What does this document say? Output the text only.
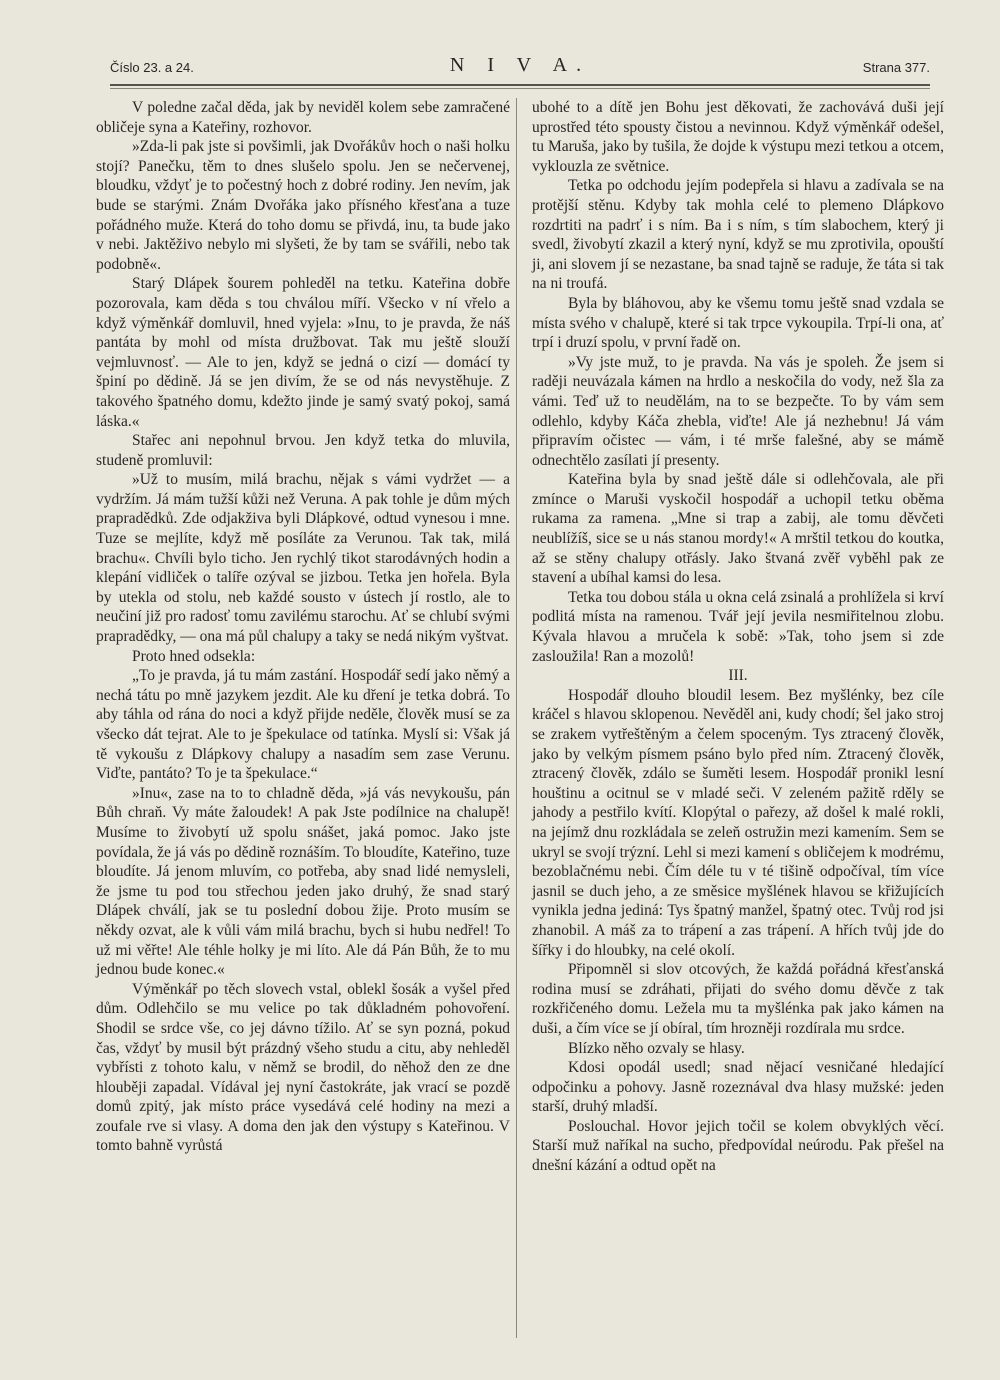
Číslo 23. a 24.	N I V A.	Strana 377.

V poledne začal děda, jak by neviděl kolem sebe zamračené obličeje syna a Kateřiny, rozhovor.

»Zda-li pak jste si povšimli, jak Dvořákův hoch o naši holku stojí? Panečku, těm to dnes slušelo spolu. Jen se nečervenej, bloudku, vždyť je to počestný hoch z dobré rodiny. Jen nevím, jak bude se starými. Znám Dvořáka jako přísného křesťana a tuze pořádného muže. Která do toho domu se přivdá, inu, ta bude jako v nebi. Jaktěživo nebylo mi slyšeti, že by tam se svářili, nebo tak podobně«.

Starý Dlápek šourem pohleděl na tetku. Kateřina dobře pozorovala, kam děda s tou chválou míří. Všecko v ní vřelo a když výměnkář domluvil, hned vyjela: »Inu, to je pravda, že náš pantáta by mohl od místa družbovat. Tak mu ještě slouží vejmluvnosť. — Ale to jen, když se jedná o cizí — domácí ty špiní po dědině. Já se jen divím, že se od nás nevystěhuje. Z takového špatného domu, kdežto jinde je samý svatý pokoj, samá láska.«

Stařec ani nepohnul brvou. Jen když tetka do mluvila, studeně promluvil:

»Už to musím, milá brachu, nějak s vámi vydržet — a vydržím. Já mám tužší kůži než Veruna. A pak tohle je dům mých prapradědků. Zde odjakživa byli Dlápkové, odtud vynesou i mne. Tuze se mejlíte, když mě posíláte za Verunou. Tak tak, milá brachu«. Chvíli bylo ticho. Jen rychlý tikot starodávných hodin a klepání vidliček o talíře ozýval se jizbou. Tetka jen hořela. Byla by utekla od stolu, neb každé sousto v ústech jí rostlo, ale to neučiní již pro radosť tomu zavilému starochu. Ať se chlubí svými prapradědky, — ona má půl chalupy a taky se nedá nikým vyštvat.

Proto hned odsekla:

„To je pravda, já tu mám zastání. Hospodář sedí jako němý a nechá tátu po mně jazykem jezdit. Ale ku dření je tetka dobrá. To aby táhla od rána do noci a když přijde neděle, člověk musí se za všecko dát tejrat. Ale to je špekulace od tatínka. Myslí si: Však já tě vykoušu z Dlápkovy chalupy a nasadím sem zase Verunu. Viďte, pantáto? To je ta špekulace.“

»Inu«, zase na to to chladně děda, »já vás nevykoušu, pán Bůh chraň. Vy máte žaloudek! A pak Jste podílnice na chalupě! Musíme to živobytí už spolu snášet, jaká pomoc. Jako jste povídala, že já vás po dědině roznáším. To bloudíte, Kateřino, tuze bloudíte. Já jenom mluvím, co potřeba, aby snad lidé nemysleli, že jsme tu pod tou střechou jeden jako druhý, že snad starý Dlápek chválí, jak se tu poslední dobou žije. Proto musím se někdy ozvat, ale k vůli vám milá brachu, bych si hubu nedřel! To už mi věřte! Ale téhle holky je mi líto. Ale dá Pán Bůh, že to mu jednou bude konec.«

Výměnkář po těch slovech vstal, oblekl šosák a vyšel před dům. Odlehčilo se mu velice po tak důkladném pohovoření. Shodil se srdce vše, co jej dávno tížilo. Ať se syn pozná, pokud čas, vždyť by musil být prázdný všeho studu a citu, aby nehleděl vybřísti z tohoto kalu, v němž se brodil, do něhož den ze dne hlouběji zapadal. Vídával jej nyní častokráte, jak vrací se pozdě domů zpitý, jak místo práce vysedává celé hodiny na mezi a zoufale rve si vlasy. A doma den jak den výstupy s Kateřinou. V tomto bahně vyrůstá

ubohé to a dítě jen Bohu jest děkovati, že zachovává duši její uprostřed této spousty čistou a nevinnou. Když výměnkář odešel, tu Maruša, jako by tušila, že dojde k výstupu mezi tetkou a otcem, vyklouzla ze světnice.

Tetka po odchodu jejím podepřela si hlavu a zadívala se na protější stěnu. Kdyby tak mohla celé to plemeno Dlápkovo rozdrtiti na padrť i s ním. Ba i s ním, s tím slabochem, který ji svedl, živobytí zkazil a který nyní, když se mu zprotivila, opouští ji, ani slovem jí se nezastane, ba snad tajně se raduje, že táta si tak na ni troufá.

Byla by bláhovou, aby ke všemu tomu ještě snad vzdala se místa svého v chalupě, které si tak trpce vykoupila. Trpí-li ona, ať trpí i druzí spolu, v první řadě on.

»Vy jste muž, to je pravda. Na vás je spoleh. Že jsem si raději neuvázala kámen na hrdlo a neskočila do vody, než šla za vámi. Teď už to neudělám, na to se bezpečte. To by vám sem odlehlo, kdyby Káča zhebla, viďte! Ale já nezhebnu! Já vám připravím očistec — vám, i té mrše falešné, aby se mámě odnechtělo zasílati jí presenty.

Kateřina byla by snad ještě dále si odlehčovala, ale při zmínce o Maruši vyskočil hospodář a uchopil tetku oběma rukama za ramena. „Mne si trap a zabij, ale tomu děvčeti neublížíš, sice se u nás stanou mordy!« A mrštil tetkou do koutka, až se stěny chalupy otřásly. Jako štvaná zvěř vyběhl pak ze stavení a ubíhal kamsi do lesa.

Tetka tou dobou stála u okna celá zsinalá a prohlížela si krví podlitá místa na ramenou. Tvář její jevila nesmiřitelnou zlobu. Kývala hlavou a mručela k sobě: »Tak, toho jsem si zde zasloužila! Ran a mozolů!

III.

Hospodář dlouho bloudil lesem. Bez myšlénky, bez cíle kráčel s hlavou sklopenou. Nevěděl ani, kudy chodí; šel jako stroj se zrakem vytřeštěným a čelem spoceným. Tys ztracený člověk, jako by velkým písmem psáno bylo před ním. Ztracený člověk, ztracený člověk, zdálo se šuměti lesem. Hospodář pronikl lesní houštinu a ocitnul se v mladé seči. V zeleném pažitě rděly se jahody a pestřilo kvítí. Klopýtal o pařezy, až došel k malé rokli, na jejímž dnu rozkládala se zeleň ostružin mezi kamením. Sem se ukryl se svojí trýzní. Lehl si mezi kamení s obličejem k modrému, bezoblačnému nebi. Čím déle tu v té tišině odpočíval, tím více jasnil se duch jeho, a ze směsice myšlének hlavou se křižujících vynikla jedna jediná: Tys špatný manžel, špatný otec. Tvůj rod jsi zhanobil. A máš za to trápení a zas trápení. A hřích tvůj jde do šířky i do hloubky, na celé okolí.

Připomněl si slov otcových, že každá pořádná křesťanská rodina musí se zdráhati, přijati do svého domu děvče z tak rozkřičeného domu. Ležela mu ta myšlénka pak jako kámen na duši, a čím více se jí obíral, tím hrozněji rozdírala mu srdce.

Blízko něho ozvaly se hlasy.

Kdosi opodál usedl; snad nějací vesničané hledající odpočinku a pohovy. Jasně rozeznával dva hlasy mužské: jeden starší, druhý mladší.

Poslouchal. Hovor jejich točil se kolem obvyklých věcí. Starší muž naříkal na sucho, předpovídal neúrodu. Pak přešel na dnešní kázání a odtud opět na
